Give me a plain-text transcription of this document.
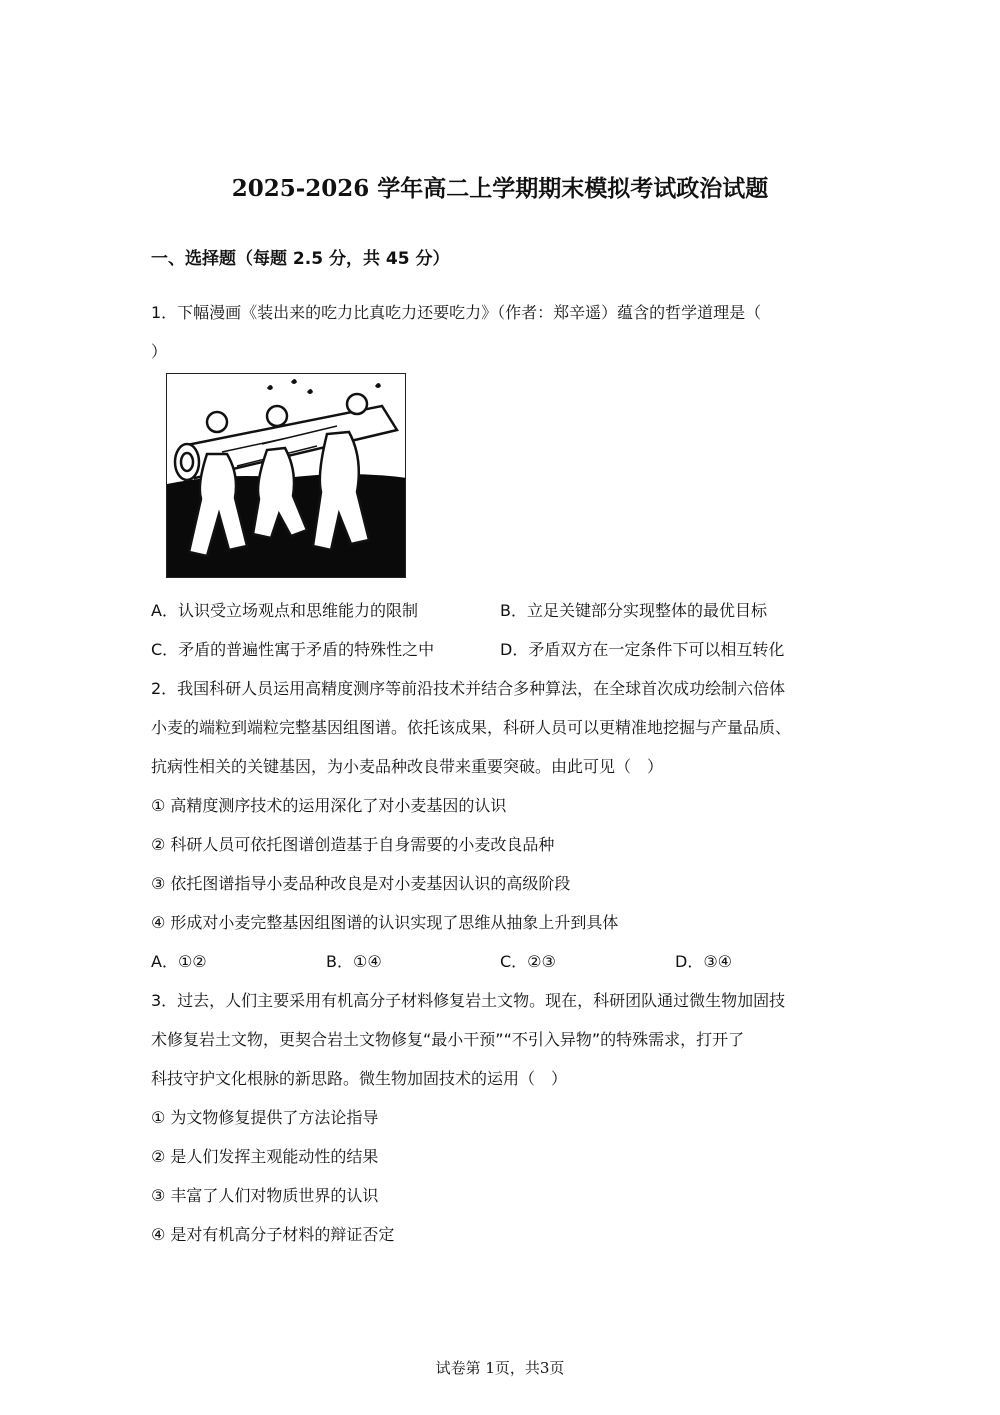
2025-2026 学年高二上学期期末模拟考试政治试题
一、选择题（每题 2.5 分，共 45 分）
1．下幅漫画《装出来的吃力比真吃力还要吃力》（作者：郑辛遥）蕴含的哲学道理是（
）
A．认识受立场观点和思维能力的限制	B．立足关键部分实现整体的最优目标
C．矛盾的普遍性寓于矛盾的特殊性之中	D．矛盾双方在一定条件下可以相互转化
2．我国科研人员运用高精度测序等前沿技术并结合多种算法，在全球首次成功绘制六倍体
小麦的端粒到端粒完整基因组图谱。依托该成果，科研人员可以更精准地挖掘与产量品质、
抗病性相关的关键基因，为小麦品种改良带来重要突破。由此可见（　）
① 高精度测序技术的运用深化了对小麦基因的认识
② 科研人员可依托图谱创造基于自身需要的小麦改良品种
③ 依托图谱指导小麦品种改良是对小麦基因认识的高级阶段
④ 形成对小麦完整基因组图谱的认识实现了思维从抽象上升到具体
A．①②	B．①④	C．②③	D．③④
3．过去，人们主要采用有机高分子材料修复岩土文物。现在，科研团队通过微生物加固技
术修复岩土文物，更契合岩土文物修复“最小干预”“不引入异物”的特殊需求，打开了
科技守护文化根脉的新思路。微生物加固技术的运用（　）
① 为文物修复提供了方法论指导
② 是人们发挥主观能动性的结果
③ 丰富了人们对物质世界的认识
④ 是对有机高分子材料的辩证否定
试卷第 1页，共3页
